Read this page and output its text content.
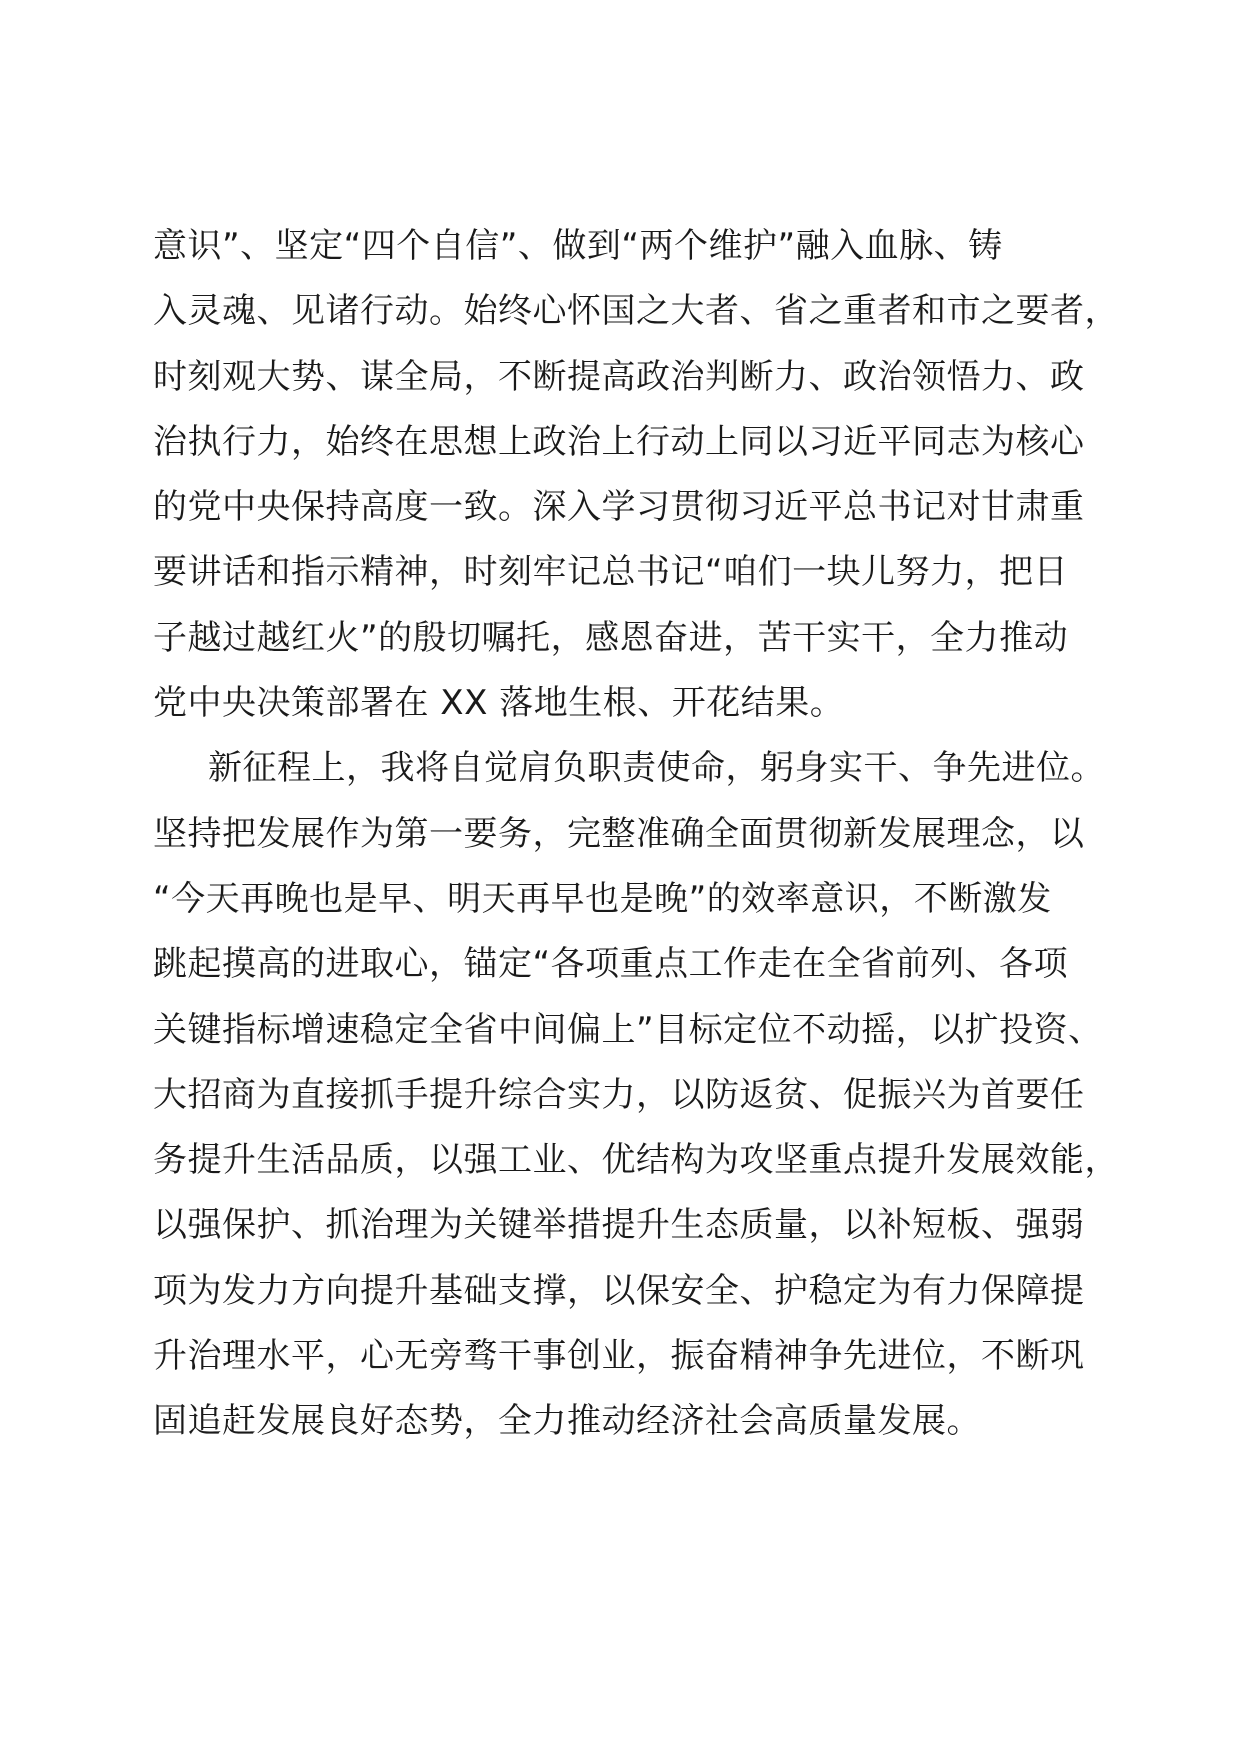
意识”、坚定“四个自信”、做到“两个维护”融入血脉、铸
入灵魂、见诸行动。始终心怀国之大者、省之重者和市之要者，
时刻观大势、谋全局，不断提高政治判断力、政治领悟力、政
治执行力，始终在思想上政治上行动上同以习近平同志为核心
的党中央保持高度一致。深入学习贯彻习近平总书记对甘肃重
要讲话和指示精神，时刻牢记总书记“咱们一块儿努力，把日
子越过越红火”的殷切嘱托，感恩奋进，苦干实干，全力推动
党中央决策部署在 XX 落地生根、开花结果。
新征程上，我将自觉肩负职责使命，躬身实干、争先进位。
坚持把发展作为第一要务，完整准确全面贯彻新发展理念，以
“今天再晚也是早、明天再早也是晚”的效率意识，不断激发
跳起摸高的进取心，锚定“各项重点工作走在全省前列、各项
关键指标增速稳定全省中间偏上”目标定位不动摇，以扩投资、
大招商为直接抓手提升综合实力，以防返贫、促振兴为首要任
务提升生活品质，以强工业、优结构为攻坚重点提升发展效能，
以强保护、抓治理为关键举措提升生态质量，以补短板、强弱
项为发力方向提升基础支撑，以保安全、护稳定为有力保障提
升治理水平，心无旁骛干事创业，振奋精神争先进位，不断巩
固追赶发展良好态势，全力推动经济社会高质量发展。
